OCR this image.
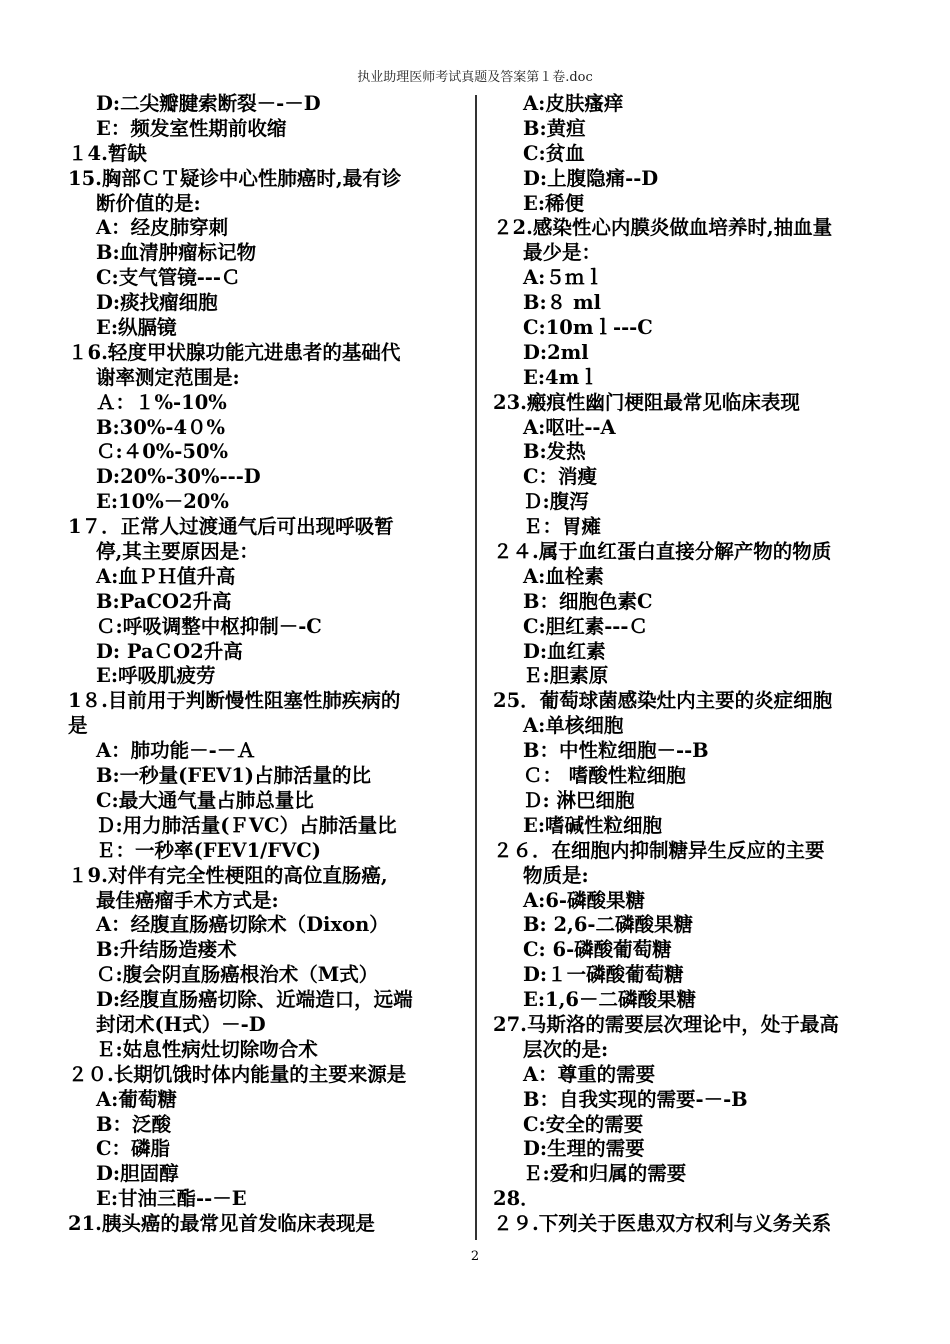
执业助理医师考试真题及答案第１卷.doc
D:二尖瓣腱索断裂－-－D
E：频发室性期前收缩
１4.暂缺
15.胸部ＣＴ疑诊中心性肺癌时,最有诊
断价值的是:
A：经皮肺穿刺
B:血清肿瘤标记物
C:支气管镜---Ｃ
D:痰找瘤细胞
E:纵膈镜
１6.轻度甲状腺功能亢进患者的基础代
谢率测定范围是:
Ａ：１%-10%
B:30%-4０%
Ｃ:４0%-50%
D:20%-30%---D
E:10%－20%
1７．正常人过渡通气后可出现呼吸暂
停,其主要原因是：
A:血ＰＨ值升高
B:PaCO2升高
Ｃ:呼吸调整中枢抑制－-C
D: PaＣO2升高
E:呼吸肌疲劳
1８.目前用于判断慢性阻塞性肺疾病的
是
A：肺功能－-－Ａ
B:一秒量(FEV1)占肺活量的比
C:最大通气量占肺总量比
Ｄ:用力肺活量(ＦVC）占肺活量比
Ｅ：一秒率(FEV1/FVC)
１9.对伴有完全性梗阻的高位直肠癌,
最佳癌瘤手术方式是:
A：经腹直肠癌切除术（Dixon）
B:升结肠造瘘术
Ｃ:腹会阴直肠癌根治术（M式）
D:经腹直肠癌切除、近端造口，远端
封闭术(H式）－-D
Ｅ:姑息性病灶切除吻合术
２０.长期饥饿时体内能量的主要来源是
A:葡萄糖
B：泛酸
C：磷脂
D:胆固醇
E:甘油三酯--－E
21.胰头癌的最常见首发临床表现是
A:皮肤瘙痒
B:黄疸
C:贫血
D:上腹隐痛--D
E:稀便
２2.感染性心内膜炎做血培养时,抽血量
最少是：
A:５ｍｌ
B:８ ml
C:10mｌ---C
D:2ml
E:4mｌ
23.瘢痕性幽门梗阻最常见临床表现
A:呕吐--A
B:发热
C：消瘦
Ｄ:腹泻
Ｅ：胃瘫
２４.属于血红蛋白直接分解产物的物质
A:血栓素
B：细胞色素C
C:胆红素---Ｃ
D:血红素
Ｅ:胆素原
25．葡萄球菌感染灶内主要的炎症细胞
A:单核细胞
B：中性粒细胞－--B
Ｃ： 嗜酸性粒细胞
Ｄ: 淋巴细胞
E:嗜碱性粒细胞
２６．在细胞内抑制糖异生反应的主要
物质是:
A:6-磷酸果糖
B: 2,6-二磷酸果糖
C: 6-磷酸葡萄糖
D:１一磷酸葡萄糖
E:1,6－二磷酸果糖
27.马斯洛的需要层次理论中，处于最高
层次的是:
A：尊重的需要
B：自我实现的需要-－-B
C:安全的需要
D:生理的需要
Ｅ:爱和归属的需要
28．
２９.下列关于医患双方权利与义务关系
2
